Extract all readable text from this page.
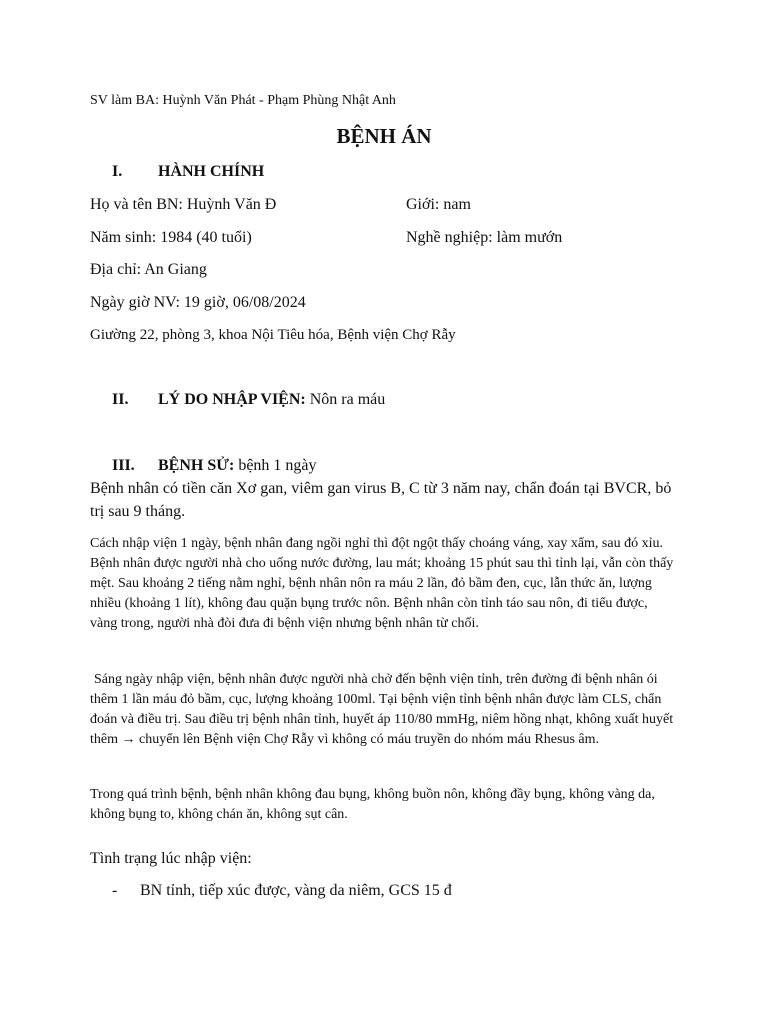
SV làm BA: Huỳnh Văn Phát - Phạm Phùng Nhật Anh
BỆNH ÁN
I. HÀNH CHÍNH
Họ và tên BN: Huỳnh Văn Đ	Giới: nam
Năm sinh: 1984 (40 tuổi)	Nghề nghiệp: làm mướn
Địa chỉ: An Giang
Ngày giờ NV: 19 giờ, 06/08/2024
Giường 22, phòng 3, khoa Nội Tiêu hóa, Bệnh viện Chợ Rẫy
II. LÝ DO NHẬP VIỆN: Nôn ra máu
III. BỆNH SỬ: bệnh 1 ngày
Bệnh nhân có tiền căn Xơ gan, viêm gan virus B, C từ 3 năm nay, chẩn đoán tại BVCR, bỏ trị sau 9 tháng.
Cách nhập viện 1 ngày, bệnh nhân đang ngồi nghỉ thì đột ngột thấy choáng váng, xay xẩm, sau đó xỉu. Bệnh nhân được người nhà cho uống nước đường, lau mát; khoảng 15 phút sau thì tỉnh lại, vẫn còn thấy mệt. Sau khoảng 2 tiếng nằm nghỉ, bệnh nhân nôn ra máu 2 lần, đỏ bầm đen, cục, lẫn thức ăn, lượng nhiều (khoảng 1 lít), không đau quặn bụng trước nôn. Bệnh nhân còn tỉnh táo sau nôn, đi tiểu được, vàng trong, người nhà đòi đưa đi bệnh viện nhưng bệnh nhân từ chối.
Sáng ngày nhập viện, bệnh nhân được người nhà chở đến bệnh viện tỉnh, trên đường đi bệnh nhân ói thêm 1 lần máu đỏ bầm, cục, lượng khoảng 100ml. Tại bệnh viện tỉnh bệnh nhân được làm CLS, chẩn đoán và điều trị. Sau điều trị bệnh nhân tỉnh, huyết áp 110/80 mmHg, niêm hồng nhạt, không xuất huyết thêm → chuyển lên Bệnh viện Chợ Rẫy vì không có máu truyền do nhóm máu Rhesus âm.
Trong quá trình bệnh, bệnh nhân không đau bụng, không buồn nôn, không đầy bụng, không vàng da, không bụng to, không chán ăn, không sụt cân.
Tình trạng lúc nhập viện:
- BN tỉnh, tiếp xúc được, vàng da niêm, GCS 15 đ
